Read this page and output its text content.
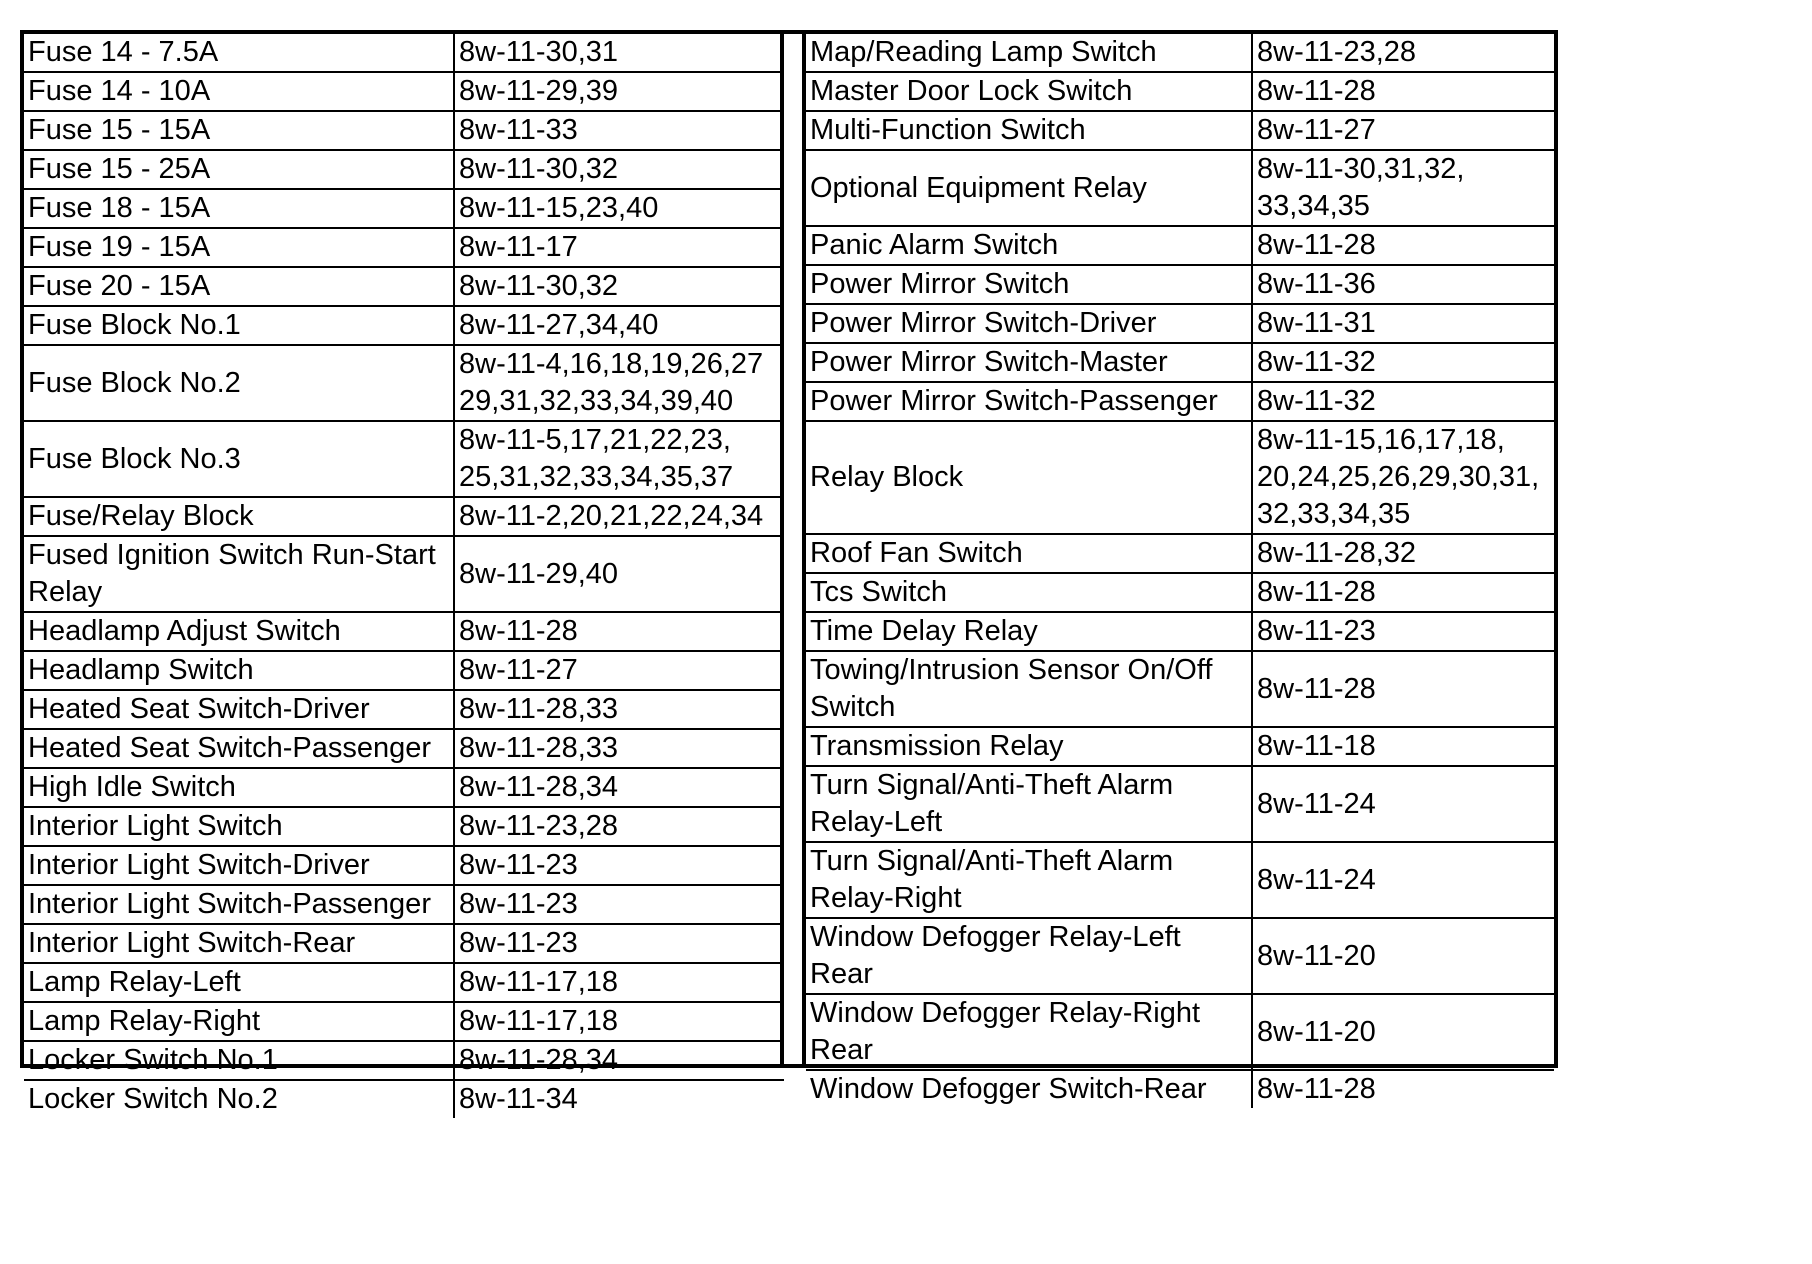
Fuse 14 - 7.5A	8w-11-30,31
Fuse 14 - 10A	8w-11-29,39
Fuse 15 - 15A	8w-11-33
Fuse 15 - 25A	8w-11-30,32
Fuse 18 - 15A	8w-11-15,23,40
Fuse 19 - 15A	8w-11-17
Fuse 20 - 15A	8w-11-30,32
Fuse Block No.1	8w-11-27,34,40
Fuse Block No.2	8w-11-4,16,18,19,26,27 29,31,32,33,34,39,40
Fuse Block No.3	8w-11-5,17,21,22,23, 25,31,32,33,34,35,37
Fuse/Relay Block	8w-11-2,20,21,22,24,34
Fused Ignition Switch Run-Start Relay	8w-11-29,40
Headlamp Adjust Switch	8w-11-28
Headlamp Switch	8w-11-27
Heated Seat Switch-Driver	8w-11-28,33
Heated Seat Switch-Passenger	8w-11-28,33
High Idle Switch	8w-11-28,34
Interior Light Switch	8w-11-23,28
Interior Light Switch-Driver	8w-11-23
Interior Light Switch-Passenger	8w-11-23
Interior Light Switch-Rear	8w-11-23
Lamp Relay-Left	8w-11-17,18
Lamp Relay-Right	8w-11-17,18
Locker Switch No.1	8w-11-28,34
Locker Switch No.2	8w-11-34
Map/Reading Lamp Switch	8w-11-23,28
Master Door Lock Switch	8w-11-28
Multi-Function Switch	8w-11-27
Optional Equipment Relay	8w-11-30,31,32, 33,34,35
Panic Alarm Switch	8w-11-28
Power Mirror Switch	8w-11-36
Power Mirror Switch-Driver	8w-11-31
Power Mirror Switch-Master	8w-11-32
Power Mirror Switch-Passenger	8w-11-32
Relay Block	8w-11-15,16,17,18, 20,24,25,26,29,30,31, 32,33,34,35
Roof Fan Switch	8w-11-28,32
Tcs Switch	8w-11-28
Time Delay Relay	8w-11-23
Towing/Intrusion Sensor On/Off Switch	8w-11-28
Transmission Relay	8w-11-18
Turn Signal/Anti-Theft Alarm Relay-Left	8w-11-24
Turn Signal/Anti-Theft Alarm Relay-Right	8w-11-24
Window Defogger Relay-Left Rear	8w-11-20
Window Defogger Relay-Right Rear	8w-11-20
Window Defogger Switch-Rear	8w-11-28
